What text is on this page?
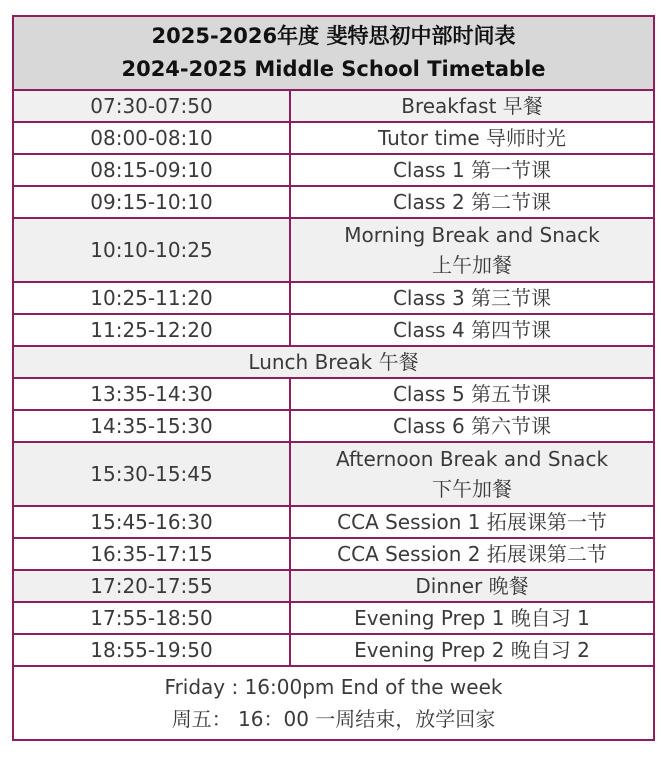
2025-2026年度 斐特思初中部时间表
2024-2025 Middle School Timetable	

07:30-07:50	Breakfast 早餐
08:00-08:10	Tutor time 导师时光
08:15-09:10	Class 1 第一节课
09:15-10:10	Class 2 第二节课
10:10-10:25	Morning Break and Snack
上午加餐

10:25-11:20	Class 3 第三节课
11:25-12:20	Class 4 第四节课
Lunch Break 午餐	
13:35-14:30	Class 5 第五节课
14:35-15:30	Class 6 第六节课
15:30-15:45	Afternoon Break and Snack
下午加餐

15:45-16:30	CCA Session 1 拓展课第一节
16:35-17:15	CCA Session 2 拓展课第二节
17:20-17:55	Dinner 晚餐
17:55-18:50	Evening Prep 1 晚自习 1
18:55-19:50	Evening Prep 2 晚自习 2

Friday : 16:00pm End of the week
周五： 16：00 一周结束，放学回家	
